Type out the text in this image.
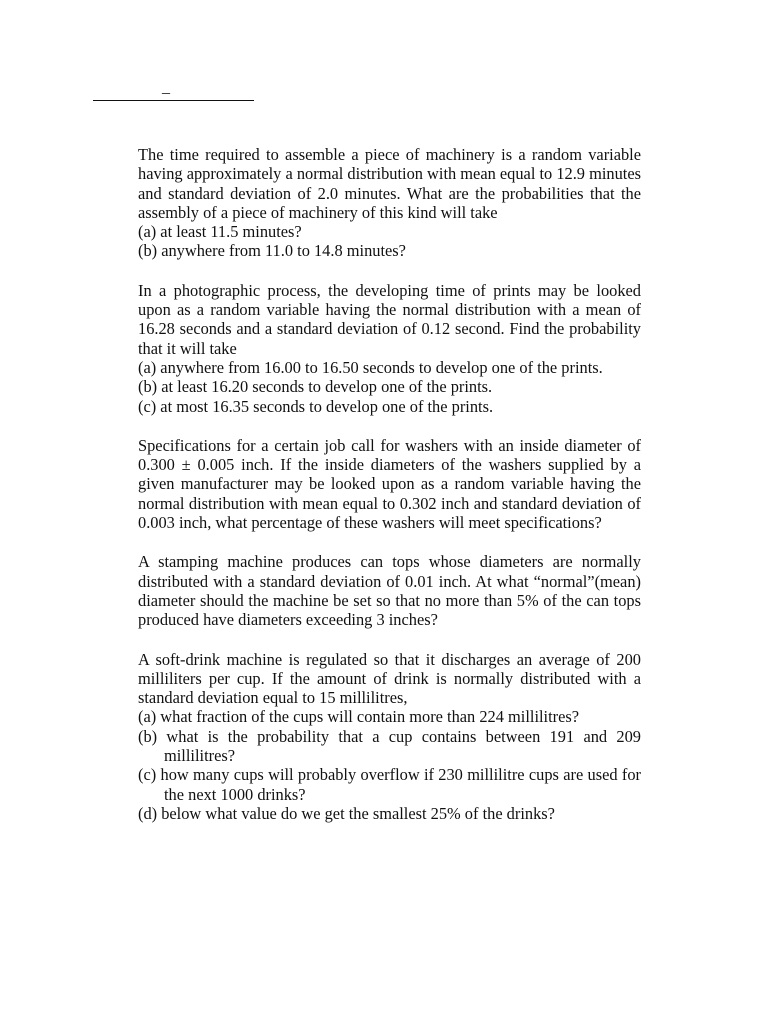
_

The time required to assemble a piece of machinery is a random variable having approximately a normal distribution with mean equal to 12.9 minutes and standard deviation of 2.0 minutes. What are the probabilities that the assembly of a piece of machinery of this kind will take

(a) at least 11.5 minutes?

(b) anywhere from 11.0 to 14.8 minutes?

In a photographic process, the developing time of prints may be looked upon as a random variable having the normal distribution with a mean of 16.28 seconds and a standard deviation of 0.12 second. Find the probability that it will take

(a) anywhere from 16.00 to 16.50 seconds to develop one of the prints.

(b) at least 16.20 seconds to develop one of the prints.

(c) at most 16.35 seconds to develop one of the prints.

Specifications for a certain job call for washers with an inside diameter of 0.300 ± 0.005 inch. If the inside diameters of the washers supplied by a given manufacturer may be looked upon as a random variable having the normal distribution with mean equal to 0.302 inch and standard deviation of 0.003 inch, what percentage of these washers will meet specifications?

A stamping machine produces can tops whose diameters are normally distributed with a standard deviation of 0.01 inch. At what “normal”(mean) diameter should the machine be set so that no more than 5% of the can tops produced have diameters exceeding 3 inches?

A soft-drink machine is regulated so that it discharges an average of 200 milliliters per cup. If the amount of drink is normally distributed with a standard deviation equal to 15 millilitres,

(a) what fraction of the cups will contain more than 224 millilitres?

(b) what is the probability that a cup contains between 191 and 209 millilitres?

(c) how many cups will probably overflow if 230 millilitre cups are used for the next 1000 drinks?

(d) below what value do we get the smallest 25% of the drinks?
